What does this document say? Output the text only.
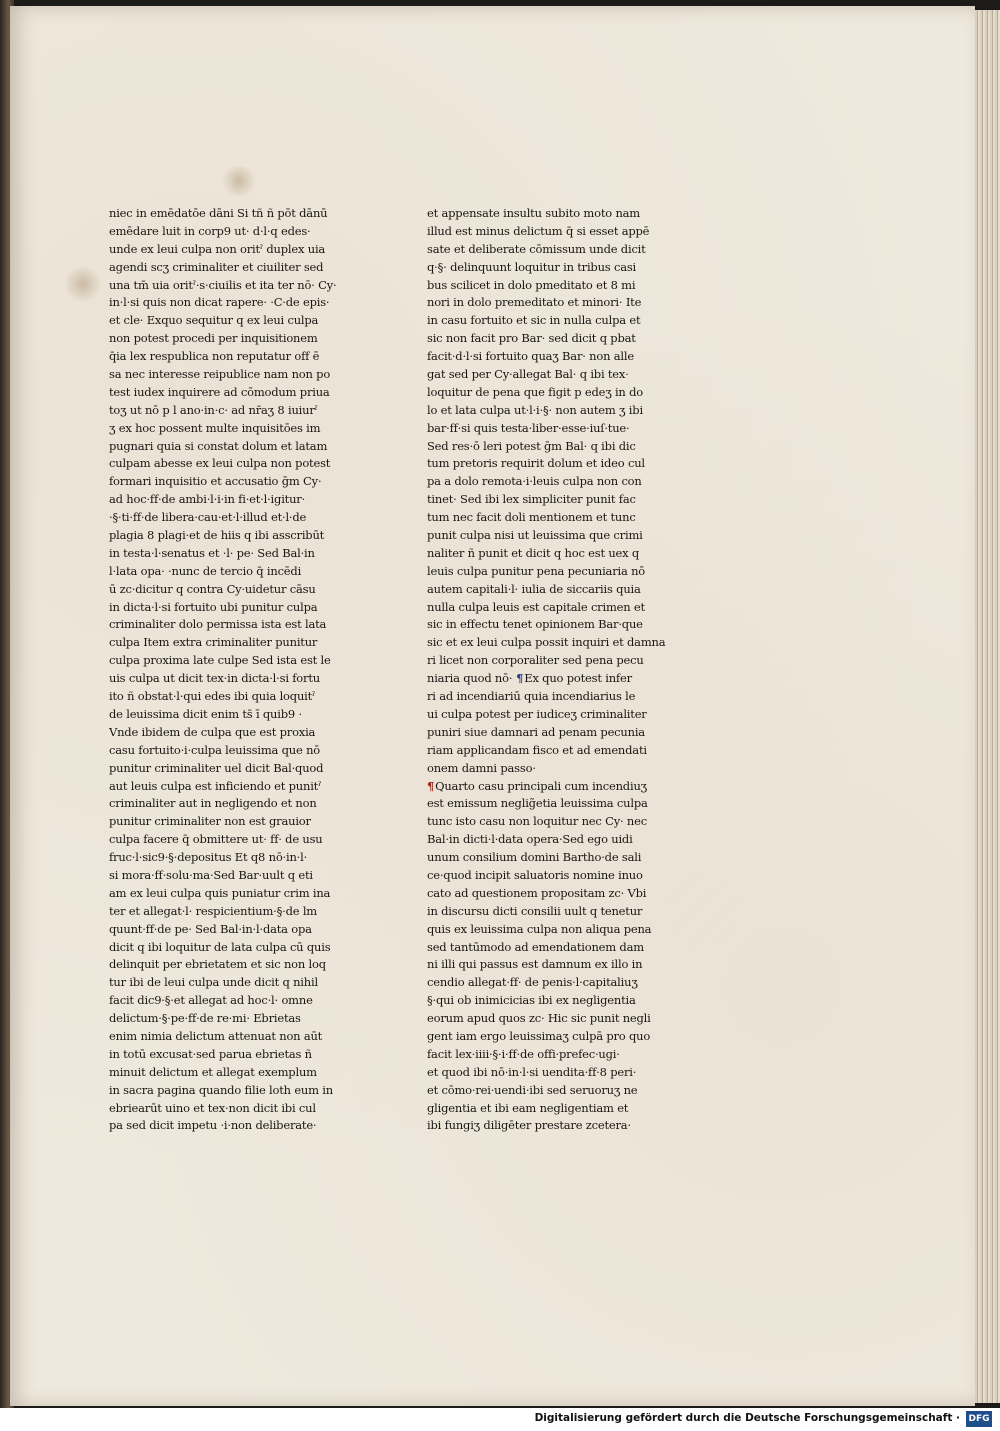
niec in emēdatōe dāni Si tñ ñ pōt dānū
emēdare luit in corp9 ut· d·l·q edes·
unde ex leui culpa non oritˀ duplex uia
agendi scʒ criminaliter et ciuiliter sed
una tm̄ uia oritˀ·s·ciuilis et ita ter nō· Cy·
in·l·si quis non dicat rapere· ·C·de epis·
et cle· Exquo sequitur q ex leui culpa
non potest procedi per inquisitionem
q̄ia lex respublica non reputatur off ē
sa nec interesse reipublice nam non po
test iudex inquirere ad cōmodum priua
toʒ ut nō p l ano·in·c· ad nr̄aʒ 8 iuiurˀ
ʒ ex hoc possent multe inquisitōes im
pugnari quia si constat dolum et latam
culpam abesse ex leui culpa non potest
formari inquisitio et accusatio ḡm Cy·
ad hoc·ff·de ambi·l·i·in fi·et·l·igitur·
·§·ti·ff·de libera·cau·et·l·illud et·l·de
plagia 8 plagi·et de hiis q ibi asscribūt
in testa·l·senatus et ·l· pe· Sed Bal·in
l·lata opa· ·nunc de tercio q̄ incēdi
ū zc·dicitur q contra Cy·uidetur cāsu
in dicta·l·si fortuito ubi punitur culpa
criminaliter dolo permissa ista est lata
culpa Item extra criminaliter punitur
culpa proxima late culpe Sed ista est le
uis culpa ut dicit tex·in dicta·l·si fortu
ito ñ obstat·l·qui edes ibi quia loquitˀ
de leuissima dicit enim ts̄ ī quib9 ·
Vnde ibidem de culpa que est proxia
casu fortuito·i·culpa leuissima que nō
punitur criminaliter uel dicit Bal·quod
aut leuis culpa est inficiendo et punitˀ
criminaliter aut in negligendo et non
punitur criminaliter non est grauior
culpa facere q̄ obmittere ut· ff· de usu
fruc·l·sic9·§·depositus Et q8 nō·in·l·
si mora·ff·solu·ma·Sed Bar·uult q eti
am ex leui culpa quis puniatur crim ina
ter et allegat·l· respicientium·§·de lm
quunt·ff·de pe· Sed Bal·in·l·data opa
dicit q ibi loquitur de lata culpa cū quis
delinquit per ebrietatem et sic non loq
tur ibi de leui culpa unde dicit q nihil
facit dic9·§·et allegat ad hoc·l· omne
delictum·§·pe·ff·de re·mi· Ebrietas
enim nimia delictum attenuat non aūt
in totū excusat·sed parua ebrietas ñ
minuit delictum et allegat exemplum
in sacra pagina quando filie loth eum in
ebriearūt uino et tex·non dicit ibi cul
pa sed dicit impetu ·i·non deliberate·
et appensate insultu subito moto nam
illud est minus delictum q̄ si esset appē
sate et deliberate cōmissum unde dicit
q·§· delinquunt loquitur in tribus casi
bus scilicet in dolo pmeditato et 8 mi
nori in dolo premeditato et minori· Ite
in casu fortuito et sic in nulla culpa et
sic non facit pro Bar· sed dicit q pbat
facit·d·l·si fortuito quaʒ Bar· non alle
gat sed per Cy·allegat Bal· q ibi tex·
loquitur de pena que figit p edeʒ in do
lo et lata culpa ut·l·i·§· non autem ʒ ibi
bar·ff·si quis testa·liber·esse·iuſ·tue·
Sed res·ō leri potest ḡm Bal· q ibi dic
tum pretoris requirit dolum et ideo cul
pa a dolo remota·i·leuis culpa non con
tinet· Sed ibi lex simpliciter punit fac
tum nec facit doli mentionem et tunc
punit culpa nisi ut leuissima que crimi
naliter ñ punit et dicit q hoc est uex q
leuis culpa punitur pena pecuniaria nō
autem capitali·l· iulia de siccariis quia
nulla culpa leuis est capitale crimen et
sic in effectu tenet opinionem Bar·que
sic et ex leui culpa possit inquiri et damna
ri licet non corporaliter sed pena pecu
niaria quod nō· ¶Ex quo potest infer
ri ad incendiariū quia incendiarius le
ui culpa potest per iudiceʒ criminaliter
puniri siue damnari ad penam pecunia
riam applicandam fisco et ad emendati
onem damni passo·
¶Quarto casu principali cum incendiuʒ
est emissum neglig̃etia leuissima culpa
tunc isto casu non loquitur nec Cy· nec
Bal·in dicti·l·data opera·Sed ego uidi
unum consilium domini Bartho·de sali
ce·quod incipit saluatoris nomine inuo
cato ad questionem propositam zc· Vbi
in discursu dicti consilii uult q tenetur
quis ex leuissima culpa non aliqua pena
sed tantūmodo ad emendationem dam
ni illi qui passus est damnum ex illo in
cendio allegat·ff· de penis·l·capitaliuʒ
§·qui ob inimicicias ibi ex negligentia
eorum apud quos zc· Hic sic punit negli
gent iam ergo leuissimaʒ culpā pro quo
facit lex·iiii·§·i·ff·de offi·prefec·ugi·
et quod ibi nō·in·l·si uendita·ff·8 peri·
et cōmo·rei·uendi·ibi sed seruoruʒ ne
gligentia et ibi eam negligentiam et
ibi fungiʒ diligēter prestare zcetera·
Digitalisierung gefördert durch die Deutsche Forschungsgemeinschaft · DFG
